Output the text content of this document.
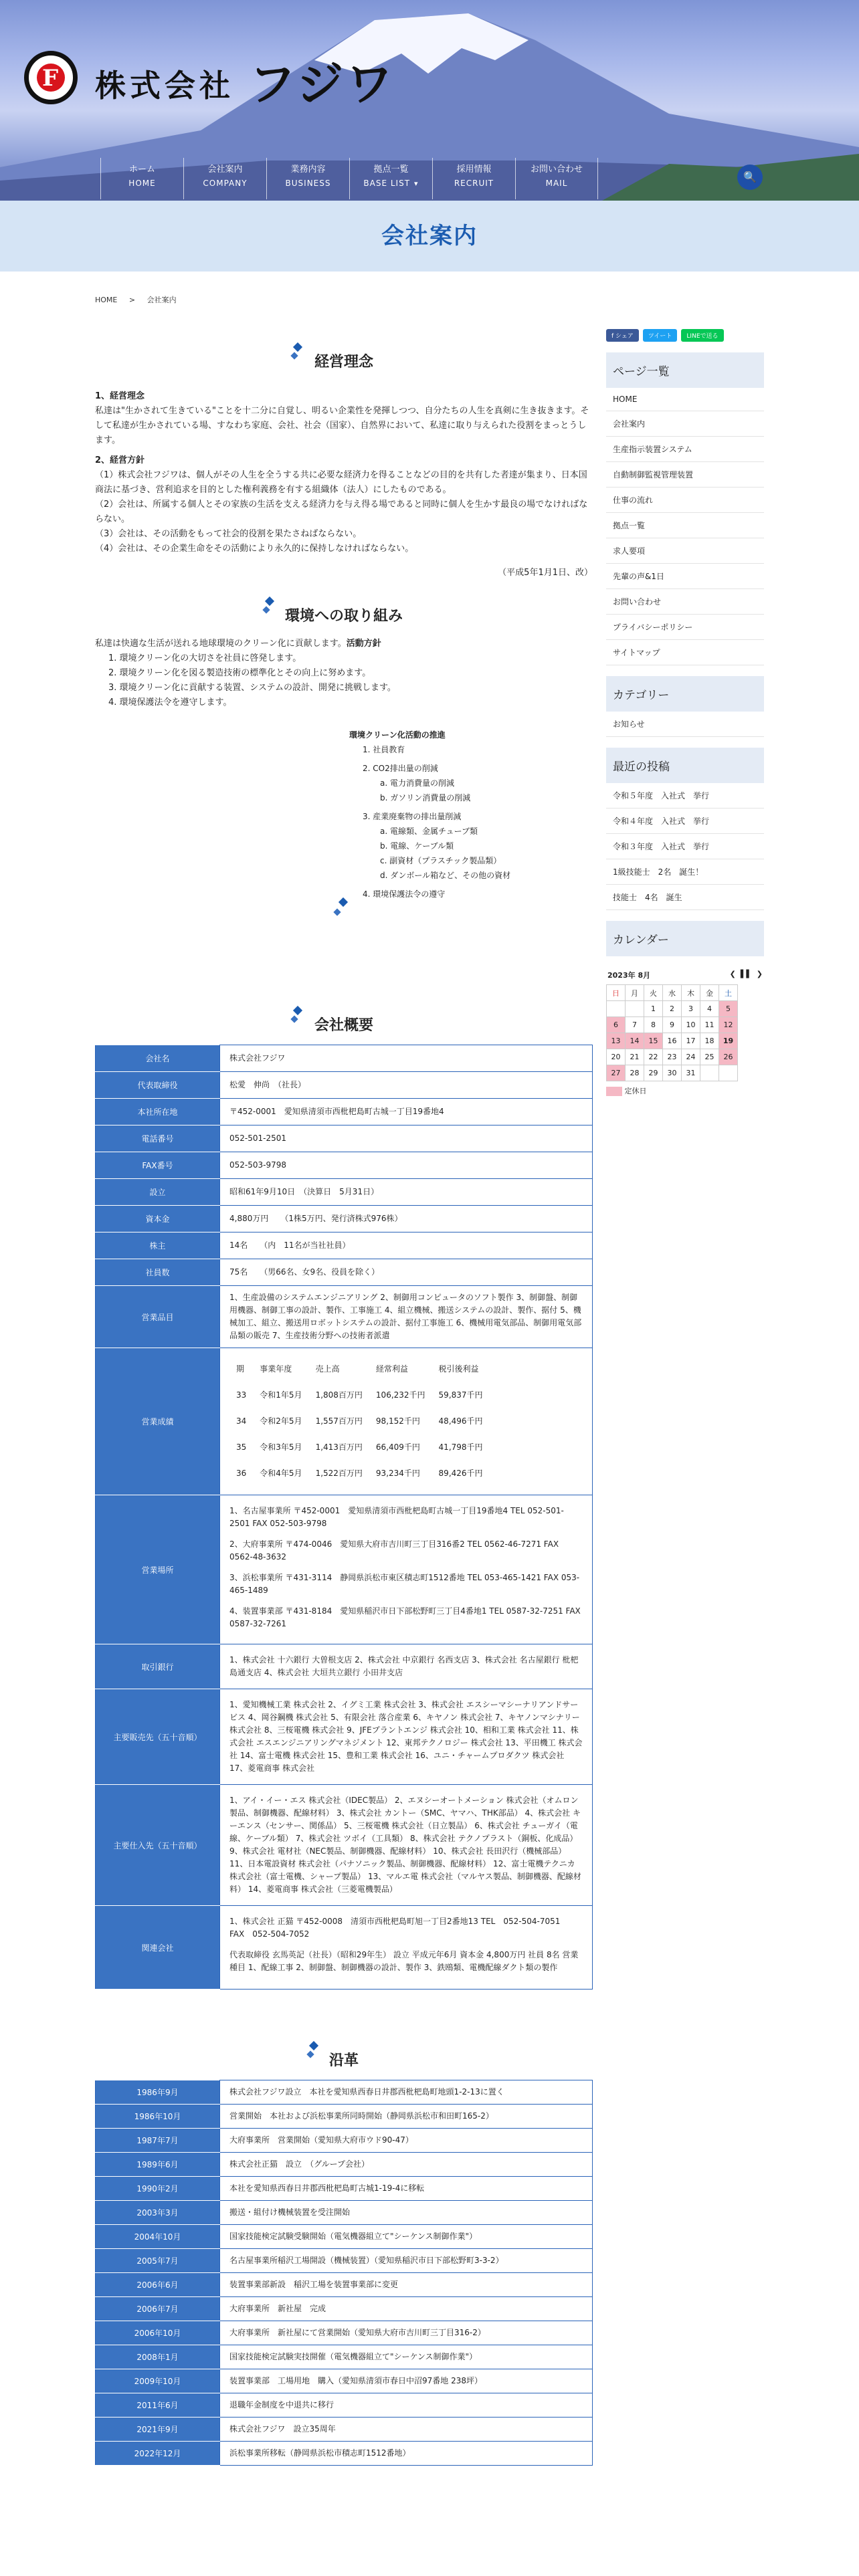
F 株式会社 フジワ
ホーム
HOME
会社案内
COMPANY
業務内容
BUSINESS
拠点一覧
BASE LIST ▾
採用情報
RECRUIT
お問い合わせ
MAIL	🔍
会社案内
HOME > 会社案内
経営理念
1、経営理念
私達は"生かされて生きている"ことを十二分に自覚し、明るい企業性を発揮しつつ、自分たちの人生を真剣に生き抜きます。そして私達が生かされている場、すなわち家庭、会社、社会（国家）、自然界において、私達に取り与えられた役割をまっとうします。
2、経営方針
（1）株式会社フジワは、個人がその人生を全うする共に必要な経済力を得ることなどの目的を共有した者達が集まり、日本国商法に基づき、営利追求を目的とした権利義務を有する組織体（法人）にしたものである。
（2）会社は、所属する個人とその家族の生活を支える経済力を与え得る場であると同時に個人を生かす最良の場でなければならない。
（3）会社は、その活動をもって社会的役割を果たさねばならない。
（4）会社は、その企業生命をその活動により永久的に保持しなければならない。
（平成5年1月1日、改）
環境への取り組み
私達は快適な生活が送れる地球環境のクリーン化に貢献します。活動方針
1. 環境クリーン化の大切さを社員に啓発します。
2. 環境クリーン化を図る製造技術の標準化とその向上に努めます。
3. 環境クリーン化に貢献する装置、システムの設計、開発に挑戦します。
4. 環境保護法令を遵守します。
環境クリーン化活動の推進
1. 社員教育
2. CO2排出量の削減
a. 電力消費量の削減
b. ガソリン消費量の削減
3. 産業廃棄物の排出量削減
a. 電線類、金属チューブ類
b. 電線、ケーブル類
c. 副資材（プラスチック製品類）
d. ダンボール箱など、その他の資材
4. 環境保護法令の遵守
会社概要
会社名	株式会社フジワ
代表取締役	松愛　伸尚　（社長）
本社所在地	〒452-0001　愛知県清須市西枇杷島町古城一丁目19番地4
電話番号	052-501-2501
FAX番号	052-503-9798
設立	昭和61年9月10日　（決算日　5月31日）
資本金	4,880万円　　（1株5万円、発行済株式976株）
株主	14名　　（内　11名が当社社員）
社員数	75名　　（男66名、女9名、役員を除く）
営業品目	1、生産設備のシステムエンジニアリング 2、制御用コンピュータのソフト製作 3、制御盤、制御用機器、制御工事の設計、製作、工事施工 4、組立機械、搬送システムの設計、製作、据付 5、機械加工、組立、搬送用ロボットシステムの設計、据付工事施工 6、機械用電気部品、制御用電気部品類の販売 7、生産技術分野への技術者派遣
営業成績	
期	事業年度	売上高	経常利益	税引後利益
33	令和1年5月	1,808百万円	106,232千円	59,837千円
34	令和2年5月	1,557百万円	98,152千円	48,496千円
35	令和3年5月	1,413百万円	66,409千円	41,798千円
36	令和4年5月	1,522百万円	93,234千円	89,426千円

営業場所	
1、名古屋事業所 〒452-0001　愛知県清須市西枇杷島町古城一丁目19番地4 TEL 052-501-2501 FAX 052-503-9798
2、大府事業所 〒474-0046　愛知県大府市吉川町三丁目316番2 TEL 0562-46-7271 FAX 0562-48-3632
3、浜松事業所 〒431-3114　静岡県浜松市東区積志町1512番地 TEL 053-465-1421 FAX 053-465-1489
4、装置事業部 〒431-8184　愛知県稲沢市日下部松野町三丁目4番地1 TEL 0587-32-7251 FAX 0587-32-7261

取引銀行	
1、株式会社 十六銀行 大曽根支店 2、株式会社 中京銀行 名西支店 3、株式会社 名古屋銀行 枇杷島通支店 4、株式会社 大垣共立銀行 小田井支店

主要販売先（五十音順）	
1、愛知機械工業 株式会社 2、イグミ工業 株式会社 3、株式会社 エスシーマシーナリアンドサービス 4、岡谷鋼機 株式会社 5、有限会社 落合産業 6、キヤノン 株式会社 7、キヤノンマシナリー 株式会社 8、三桜電機 株式会社 9、JFEプラントエンジ 株式会社 10、相和工業 株式会社 11、株式会社 エスエンジニアリングマネジメント 12、東邦テクノロジー 株式会社 13、平田機工 株式会社 14、富士電機 株式会社 15、豊和工業 株式会社 16、ユニ・チャームプロダクツ 株式会社 17、菱電商事 株式会社

主要仕入先（五十音順）	
1、アイ・イー・エス 株式会社（IDEC製品） 2、エヌシーオートメーション 株式会社（オムロン製品、制御機器、配線材料） 3、株式会社 カントー（SMC、ヤマハ、THK部品） 4、株式会社 キーエンス（センサー、関係品） 5、三桜電機 株式会社（日立製品） 6、株式会社 チューガイ（電線、ケーブル類） 7、株式会社 ツボイ（工具類） 8、株式会社 テクノプラスト（銅板、化成品） 9、株式会社 電材社（NEC製品、制御機器、配線材料） 10、株式会社 長田沢行（機械部品） 11、日本電設資材 株式会社（パナソニック製品、制御機器、配線材料） 12、富士電機テクニカ 株式会社（富士電機、シャープ製品） 13、マルエ電 株式会社（マルヤス製品、制御機器、配線材料） 14、菱電商事 株式会社（三菱電機製品）

関連会社	
1、株式会社 正猫 〒452-0008　清須市西枇杷島町旭一丁目2番地13 TEL　052-504-7051　FAX　052-504-7052
代表取締役 玄馬英記（社長）（昭和29年生） 設立 平成元年6月 資本金 4,800万円 社員 8名 営業種目 1、配線工事 2、制御盤、制御機器の設計、製作 3、鉄鴎類、電機配線ダクト類の製作
沿革
1986年9月	株式会社フジワ設立　本社を愛知県西春日井郡西枇杷島町地頭1-2-13に置く
1986年10月	営業開始　本社および浜松事業所同時開始（静岡県浜松市和田町165-2）
1987年7月	大府事業所　営業開始（愛知県大府市ウド90-47）
1989年6月	株式会社正猫　設立　（グループ会社）
1990年2月	本社を愛知県西春日井郡西枇杷島町古城1-19-4に移転
2003年3月	搬送・組付け機械装置を受注開始
2004年10月	国家技能検定試験受験開始（電気機器組立て"シーケンス制御作業"）
2005年7月	名古屋事業所稲沢工場開設（機械装置）（愛知県稲沢市日下部松野町3-3-2）
2006年6月	装置事業部新設　稲沢工場を装置事業部に変更
2006年7月	大府事業所　新社屋　完成
2006年10月	大府事業所　新社屋にて営業開始（愛知県大府市吉川町三丁目316-2）
2008年1月	国家技能検定試験実技開催（電気機器組立て"シーケンス制御作業"）
2009年10月	装置事業部　工場用地　購入（愛知県清須市春日中沼97番地 238坪）
2011年6月	退職年金制度を中退共に移行
2021年9月	株式会社フジワ　設立35周年
2022年12月	浜松事業所移転（静岡県浜松市積志町1512番地）
f シェア	ツイート	LINEで送る
ページ一覧
HOME
会社案内
生産指示装置システム
自動制御監視管理装置
仕事の流れ
拠点一覧
求人要項
先輩の声&1日
お問い合わせ
プライバシーポリシー
サイトマップ
カテゴリー
お知らせ
最近の投稿
令和５年度　入社式　挙行
令和４年度　入社式　挙行
令和３年度　入社式　挙行
1級技能士　2名　誕生！
技能士　4名　誕生
カレンダー
2023年 8月	❮ ▌▌ ❯
日	月	火	水	木	金	土
		1	2	3	4	5
6	7	8	9	10	11	12
13	14	15	16	17	18	19
20	21	22	23	24	25	26
27	28	29	30	31		
定休日
